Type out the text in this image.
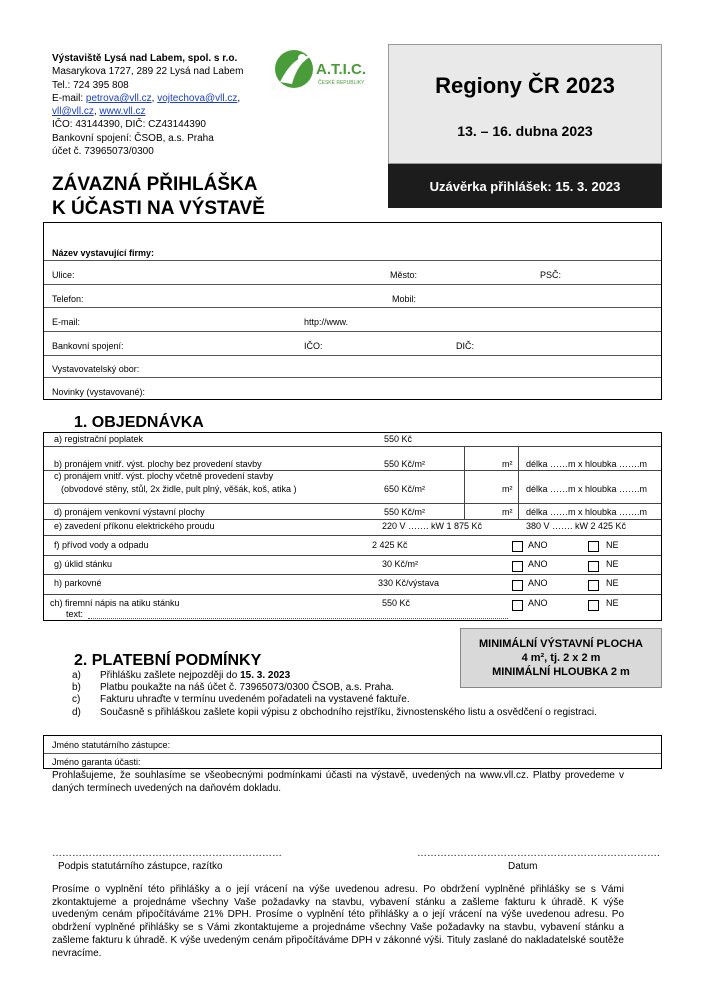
Výstaviště Lysá nad Labem, spol. s r.o.
Masarykova 1727, 289 22 Lysá nad Labem
Tel.: 724 395 808
E-mail: petrova@vll.cz, vojtechova@vll.cz,
vll@vll.cz, www.vll.cz
IČO: 43144390, DIČ: CZ43144390
Bankovní spojení: ČSOB, a.s. Praha
účet č. 73965073/0300
A.T.I.C.
ČESKÉ REPUBLIKY	Regiony ČR 2023
13. – 16. dubna 2023
Uzávěrka přihlášek: 15. 3. 2023
ZÁVAZNÁ PŘIHLÁŠKA
K ÚČASTI NA VÝSTAVĚ
Název vystavující firmy:
Ulice:	Město:	PSČ:
Telefon:	Mobil:
E-mail:	http://www.
Bankovní spojení:	IČO:	DIČ:
Vystavovatelský obor:
Novinky (vystavované):
1. OBJEDNÁVKA
a) registrační poplatek	550 Kč
b) pronájem vnitř. výst. plochy bez provedení stavby	550 Kč/m²	m² délka ……m x hloubka …….m
c) pronájem vnitř. výst. plochy včetně provedení stavby
(obvodové stěny, stůl, 2x židle, pult plný, věšák, koš, atika )	650 Kč/m²	m² délka ……m x hloubka …….m
d) pronájem venkovní výstavní plochy	550 Kč/m²	m² délka ……m x hloubka …….m
e) zavedení příkonu elektrického proudu	220 V ……. kW 1 875 Kč	380 V ……. kW 2 425 Kč
f) přívod vody a odpadu	2 425 Kč	ANO	NE
g) úklid stánku	30 Kč/m²	ANO	NE
h) parkovné	330 Kč/výstava	ANO	NE
ch) firemní nápis na atiku stánku	550 Kč	ANO	NE
text:
MINIMÁLNÍ VÝSTAVNÍ PLOCHA
4 m², tj. 2 x 2 m
MINIMÁLNÍ HLOUBKA 2 m
2. PLATEBNÍ PODMÍNKY
a)	Přihlášku zašlete nejpozději do 15. 3. 2023
b)	Platbu poukažte na náš účet č. 73965073/0300 ČSOB, a.s. Praha.
c)	Fakturu uhraďte v termínu uvedeném pořadateli na vystavené faktuře.
d)	Současně s přihláškou zašlete kopii výpisu z obchodního rejstříku, živnostenského listu a osvědčení o registraci.
Jméno statutárního zástupce:
Jméno garanta účasti:
Prohlašujeme, že souhlasíme se všeobecnými podmínkami účasti na výstavě, uvedených na www.vll.cz. Platby provedeme v daných termínech uvedených na daňovém dokladu.
……………………………………………………………	……………………………………………………………….
Podpis statutárního zástupce, razítko	Datum
Prosíme o vyplnění této přihlášky a o její vrácení na výše uvedenou adresu. Po obdržení vyplněné přihlášky se s Vámi zkontaktujeme a projednáme všechny Vaše požadavky na stavbu, vybavení stánku a zašleme fakturu k úhradě. K výše uvedeným cenám připočítáváme 21% DPH. Prosíme o vyplnění této přihlášky a o její vrácení na výše uvedenou adresu. Po obdržení vyplněné přihlášky se s Vámi zkontaktujeme a projednáme všechny Vaše požadavky na stavbu, vybavení stánku a zašleme fakturu k úhradě. K výše uvedeným cenám připočítáváme DPH v zákonné výši. Tituly zaslané do nakladatelské soutěže nevracíme.
